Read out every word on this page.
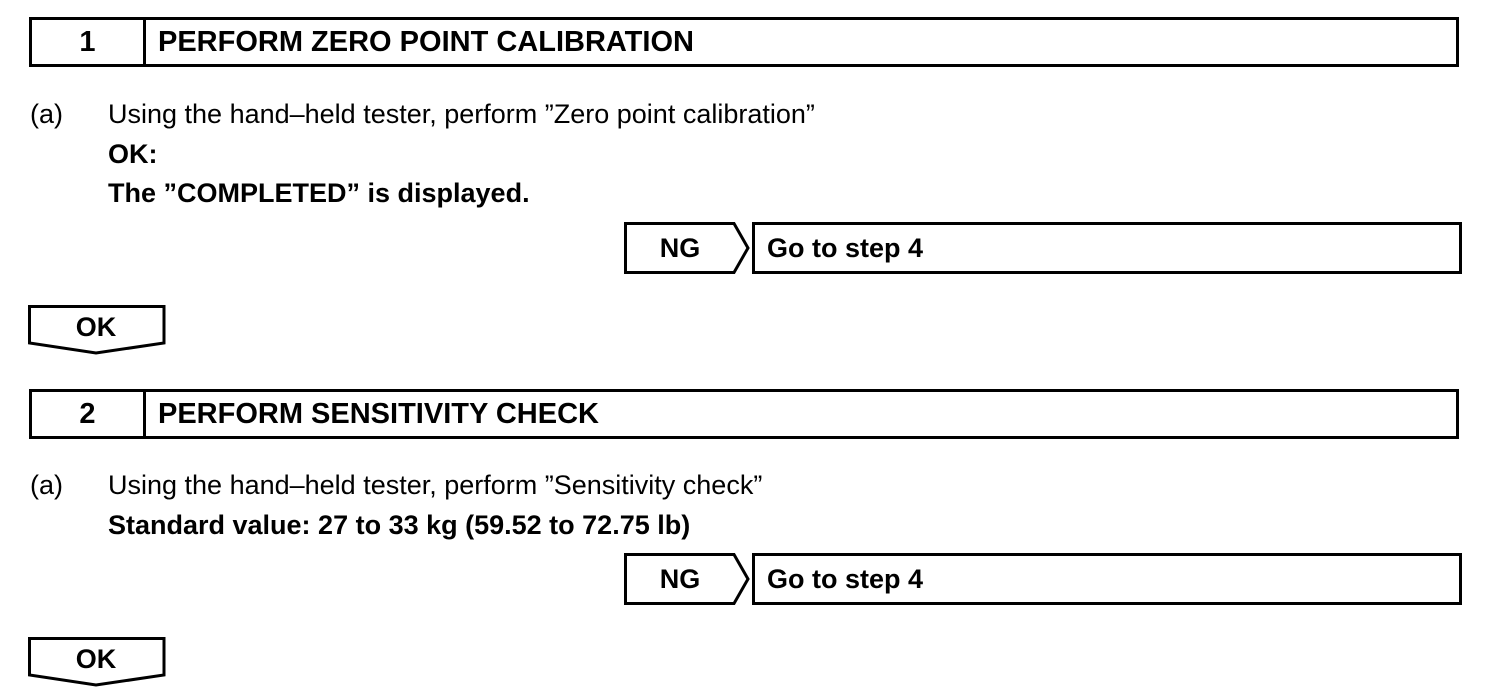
1	PERFORM ZERO POINT CALIBRATION
(a) Using the hand–held tester, perform ”Zero point calibration”
OK:
The ”COMPLETED” is displayed.
NG	Go to step 4
OK
2	PERFORM SENSITIVITY CHECK
(a) Using the hand–held tester, perform ”Sensitivity check”
Standard value: 27 to 33 kg (59.52 to 72.75 lb)
NG	Go to step 4
OK
